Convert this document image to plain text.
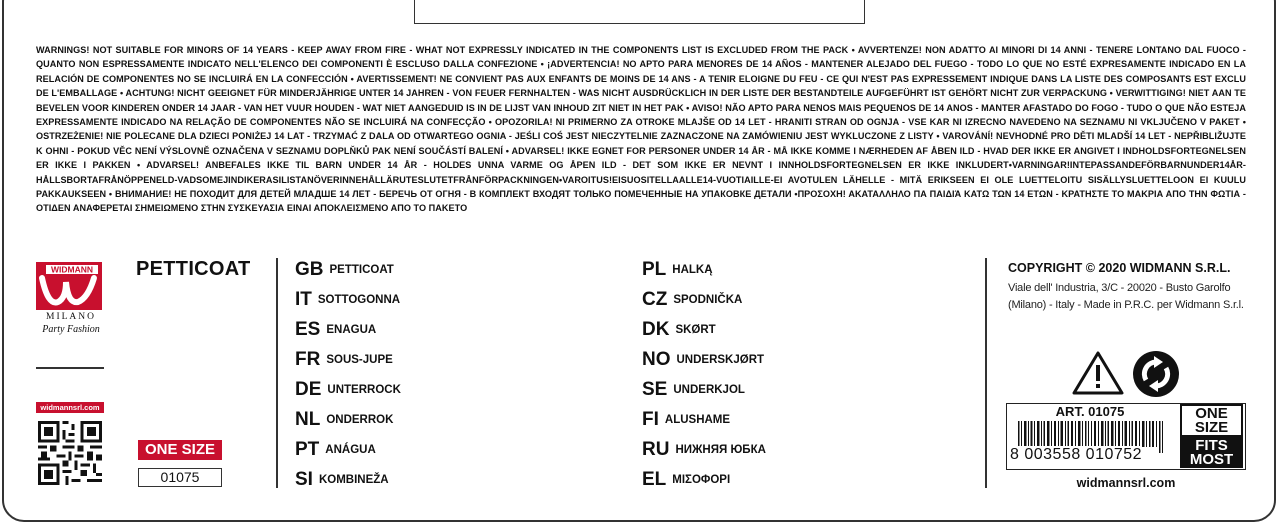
WARNINGS! NOT SUITABLE FOR MINORS OF 14 YEARS - KEEP AWAY FROM FIRE - WHAT NOT EXPRESSLY INDICATED IN THE COMPONENTS LIST IS EXCLUDED FROM THE PACK • AVVERTENZE! NON ADATTO AI MINORI DI 14 ANNI - TENERE LONTANO DAL FUOCO - QUANTO NON ESPRESSAMENTE INDICATO NELL'ELENCO DEI COMPONENTI È ESCLUSO DALLA CONFEZIONE • ¡ADVERTENCIA! NO APTO PARA MENORES DE 14 AÑOS - MANTENER ALEJADO DEL FUEGO - TODO LO QUE NO ESTÉ EXPRESAMENTE INDICADO EN LA RELACIÓN DE COMPONENTES NO SE INCLUIRÁ EN LA CONFECCIÓN • AVERTISSEMENT! NE CONVIENT PAS AUX ENFANTS DE MOINS DE 14 ANS - A TENIR ELOIGNE DU FEU - CE QUI N'EST PAS EXPRESSEMENT INDIQUE DANS LA LISTE DES COMPOSANTS EST EXCLU DE L'EMBALLAGE • ACHTUNG! NICHT GEEIGNET FÜR MINDERJÄHRIGE UNTER 14 JAHREN - VON FEUER FERNHALTEN - WAS NICHT AUSDRÜCKLICH IN DER LISTE DER BESTANDTEILE AUFGEFÜHRT IST GEHÖRT NICHT ZUR VERPACKUNG • VERWITTIGING! NIET AAN TE BEVELEN VOOR KINDEREN ONDER 14 JAAR - VAN HET VUUR HOUDEN - WAT NIET AANGEDUID IS IN DE LIJST VAN INHOUD ZIT NIET IN HET PAK • AVISO! NÃO APTO PARA NENOS MAIS PEQUENOS DE 14 ANOS - MANTER AFASTADO DO FOGO - TUDO O QUE NÃO ESTEJA EXPRESSAMENTE INDICADO NA RELAÇÃO DE COMPONENTES NÃO SE INCLUIRÁ NA CONFECÇÃO • OPOZORILA! NI PRIMERNO ZA OTROKE MLAJŠE OD 14 LET - HRANITI STRAN OD OGNJA - VSE KAR NI IZRECNO NAVEDENO NA SEZNAMU NI VKLJUČENO V PAKET • OSTRZEŻENIE! NIE POLECANE DLA DZIECI PONIŻEJ 14 LAT - TRZYMAĆ Z DALA OD OTWARTEGO OGNIA - JEŚLI COŚ JEST NIECZYTELNIE ZAZNACZONE NA ZAMÓWIENIU JEST WYKLUCZONE Z LISTY • VAROVÁNÍ! NEVHODNÉ PRO DĚTI MLADŠÍ 14 LET - NEPŘIBLIŽUJTE K OHNI - POKUD VĚC NENÍ VÝSLOVNĚ OZNAČENA V SEZNAMU DOPLŇKŮ PAK NENÍ SOUČÁSTÍ BALENÍ • ADVARSEL! IKKE EGNET FOR PERSONER UNDER 14 ÅR - MÅ IKKE KOMME I NÆRHEDEN AF ÅBEN ILD - HVAD DER IKKE ER ANGIVET I INDHOLDSFORTEGNELSEN ER IKKE I PAKKEN • ADVARSEL! ANBEFALES IKKE TIL BARN UNDER 14 ÅR - HOLDES UNNA VARME OG ÅPEN ILD - DET SOM IKKE ER NEVNT I INNHOLDSFORTEGNELSEN ER IKKE INKLUDERT•VARNINGAR!INTEPASSANDEFÖRBARNUNDER14ÅR-HÅLLSBORTAFRÅNÖPPENELD-VADSOMEJINDIKERASILISTANÖVERINNEHÅLLÄRUTESLUTETFRÅNFÖRPACKNINGEN•VAROITUS!EISUOSITELLAALLE14-VUOTIAILLE-EI AVOTULEN LÄHELLE - MITÄ ERIKSEEN EI OLE LUETTELOITU SISÄLLYSLUETTELOON EI KUULU PAKKAUKSEEN • ВНИМАНИЕ! НЕ ПОХОДИТ ДЛЯ ДЕТЕЙ МЛАДШЕ 14 ЛЕТ - БЕРЕЧЬ ОТ ОГНЯ - В КОМПЛЕКТ ВХОДЯТ ТОЛЬКО ПОМЕЧЕННЫЕ НА УПАКОВКЕ ДЕТАЛИ •ΠΡΟΣΟΧΗ! ΑΚΑΤΑΛΛΗΛΟ ΠΑ ΠΑΙΔΙΆ ΚΑΤΩ ΤΩΝ 14 ΕΤΩΝ - ΚΡΑΤΗΣΤΕ ΤΟ ΜΑΚΡΙΑ ΑΠΟ ΤΗΝ ΦΩΤΙΑ - ΟΤΙΔΕΝ ΑΝΑΦΕΡΕΤΑΙ ΣΗΜΕΙΩΜΕΝΟ ΣΤΗΝ ΣΥΣΚΕΥΑΣΙΑ ΕΙΝΑΙ ΑΠΟΚΛΕΙΣΜΕΝΟ ΑΠΟ ΤΟ ΠΑΚΕΤΟ
WIDMANN
MILANO
Party Fashion
widmannsrl.com
PETTICOAT
ONE SIZE
01075
GB PETTICOAT
IT SOTTOGONNA
ES ENAGUA
FR SOUS-JUPE
DE UNTERROCK
NL ONDERROK
PT ANÁGUA
SI KOMBINEŽA
PL HALKĄ
CZ SPODNIČKA
DK SKØRT
NO UNDERSKJØRT
SE UNDERKJOL
FI ALUSHAME
RU НИЖНЯЯ ЮБКА
EL ΜΙΣΟΦΟΡΙ
COPYRIGHT © 2020 WIDMANN S.R.L.
Viale dell' Industria, 3/C - 20020 - Busto Garolfo (Milano) - Italy - Made in P.R.C. per Widmann S.r.l.
ART. 01075
8 003558 010752
ONE SIZE
FITS MOST
widmannsrl.com
